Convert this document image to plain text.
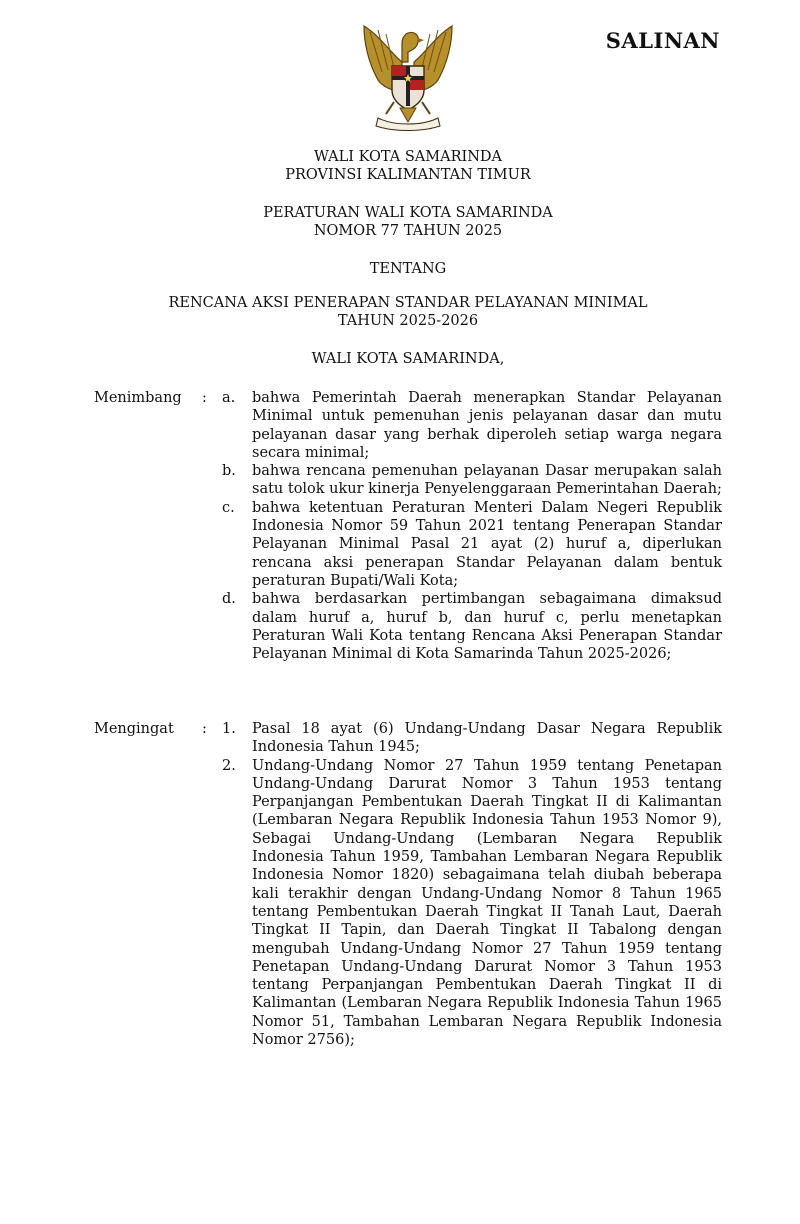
SALINAN
WALI KOTA SAMARINDA
PROVINSI KALIMANTAN TIMUR
PERATURAN WALI KOTA SAMARINDA
NOMOR 77 TAHUN 2025
TENTANG
RENCANA AKSI PENERAPAN STANDAR PELAYANAN MINIMAL
TAHUN 2025-2026
WALI KOTA SAMARINDA,
Menimbang	:	a.	bahwa Pemerintah Daerah menerapkan Standar Pelayanan Minimal untuk pemenuhan jenis pelayanan dasar dan mutu pelayanan dasar yang berhak diperoleh setiap warga negara secara minimal;
b.	bahwa rencana pemenuhan pelayanan Dasar merupakan salah satu tolok ukur kinerja Penyelenggaraan Pemerintahan Daerah;
c.	bahwa ketentuan Peraturan Menteri Dalam Negeri Republik Indonesia Nomor 59 Tahun 2021 tentang Penerapan Standar Pelayanan Minimal Pasal 21 ayat (2) huruf a, diperlukan rencana aksi penerapan Standar Pelayanan dalam bentuk peraturan Bupati/Wali Kota;
d.	bahwa berdasarkan pertimbangan sebagaimana dimaksud dalam huruf a, huruf b, dan huruf c, perlu menetapkan Peraturan Wali Kota tentang Rencana Aksi Penerapan Standar Pelayanan Minimal di Kota Samarinda Tahun 2025-2026;
Mengingat	:	1.	Pasal 18 ayat (6) Undang-Undang Dasar Negara Republik Indonesia Tahun 1945;
2.	Undang-Undang Nomor 27 Tahun 1959 tentang Penetapan Undang-Undang Darurat Nomor 3 Tahun 1953 tentang Perpanjangan Pembentukan Daerah Tingkat II di Kalimantan (Lembaran Negara Republik Indonesia Tahun 1953 Nomor 9), Sebagai Undang-Undang (Lembaran Negara Republik Indonesia Tahun 1959, Tambahan Lembaran Negara Republik Indonesia Nomor 1820) sebagaimana telah diubah beberapa kali terakhir dengan Undang-Undang Nomor 8 Tahun 1965 tentang Pembentukan Daerah Tingkat II Tanah Laut, Daerah Tingkat II Tapin, dan Daerah Tingkat II Tabalong dengan mengubah Undang-Undang Nomor 27 Tahun 1959 tentang Penetapan Undang-Undang Darurat Nomor 3 Tahun 1953 tentang Perpanjangan Pembentukan Daerah Tingkat II di Kalimantan (Lembaran Negara Republik Indonesia Tahun 1965 Nomor 51, Tambahan Lembaran Negara Republik Indonesia Nomor 2756);
